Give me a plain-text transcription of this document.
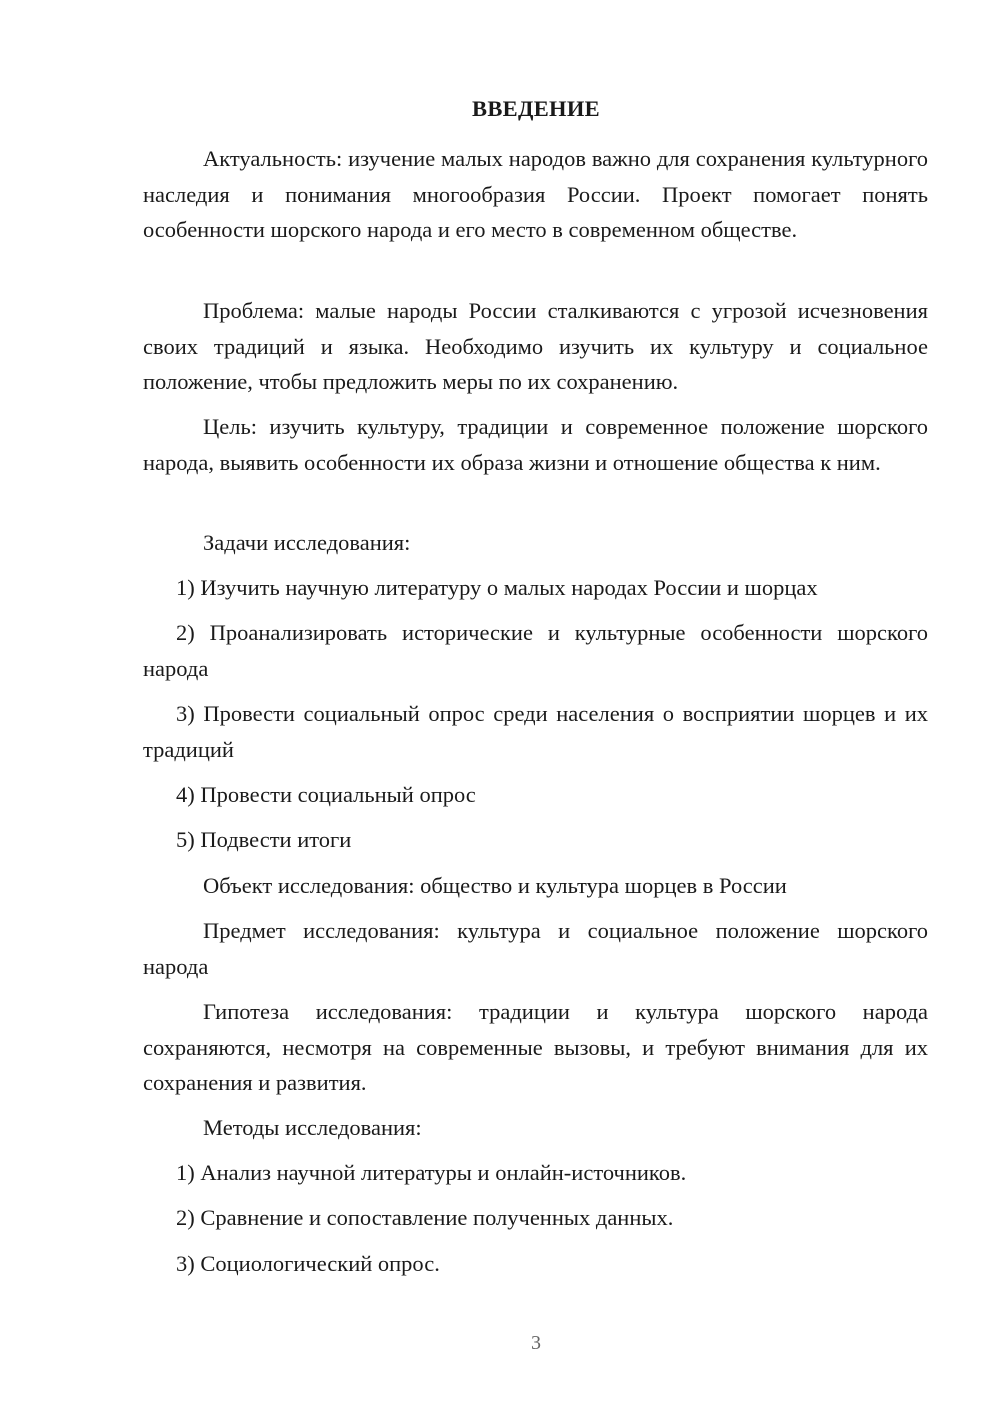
ВВЕДЕНИЕ

Актуальность: изучение малых народов важно для сохранения культурного наследия и понимания многообразия России. Проект помогает понять особенности шорского народа и его место в современном обществе.

Проблема: малые народы России сталкиваются с угрозой исчезновения своих традиций и языка. Необходимо изучить их культуру и социальное положение, чтобы предложить меры по их сохранению.

Цель: изучить культуру, традиции и современное положение шорского народа, выявить особенности их образа жизни и отношение общества к ним.

Задачи исследования:

1) Изучить научную литературу о малых народах России и шорцах

2) Проанализировать исторические и культурные особенности шорского народа

3) Провести социальный опрос среди населения о восприятии шорцев и их традиций

4) Провести социальный опрос

5) Подвести итоги

Объект исследования: общество и культура шорцев в России

Предмет исследования: культура и социальное положение шорского народа

Гипотеза исследования: традиции и культура шорского народа сохраняются, несмотря на современные вызовы, и требуют внимания для их сохранения и развития.

Методы исследования:

1) Анализ научной литературы и онлайн-источников.

2) Сравнение и сопоставление полученных данных.

3) Социологический опрос.

3
